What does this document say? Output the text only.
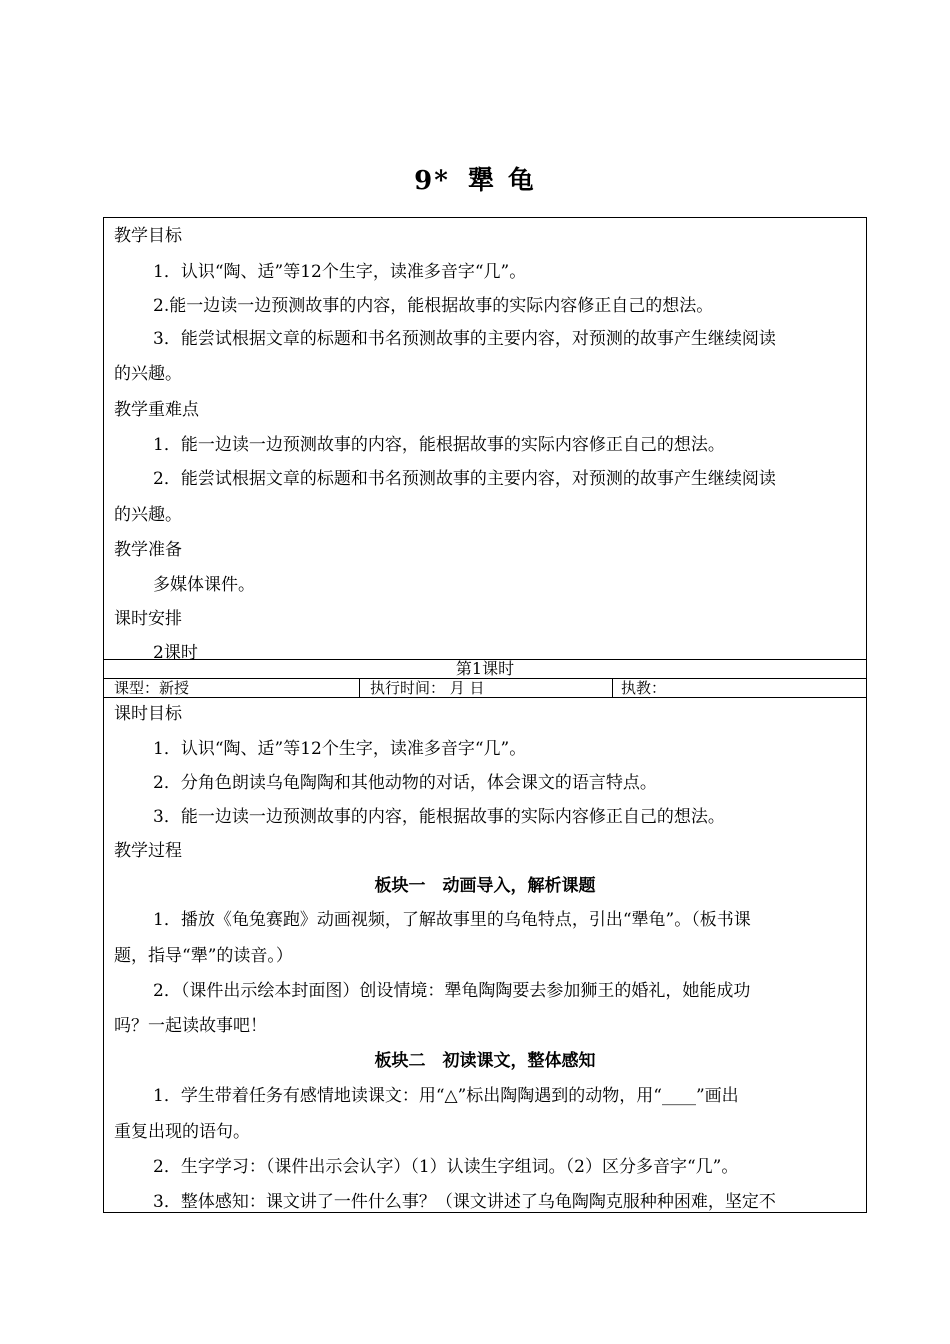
9* 犟 龟
教学目标
1．认识“陶、适”等12个生字，读准多音字“几”。
2.能一边读一边预测故事的内容，能根据故事的实际内容修正自己的想法。
3．能尝试根据文章的标题和书名预测故事的主要内容，对预测的故事产生继续阅读
的兴趣。
教学重难点
1．能一边读一边预测故事的内容，能根据故事的实际内容修正自己的想法。
2．能尝试根据文章的标题和书名预测故事的主要内容，对预测的故事产生继续阅读
的兴趣。
教学准备
多媒体课件。
课时安排
2课时
第1课时
课型：新授	执行时间： 月 日	执教：
课时目标
1．认识“陶、适”等12个生字，读准多音字“几”。
2．分角色朗读乌龟陶陶和其他动物的对话，体会课文的语言特点。
3．能一边读一边预测故事的内容，能根据故事的实际内容修正自己的想法。
教学过程
板块一　动画导入，解析课题
1．播放《龟兔赛跑》动画视频，了解故事里的乌龟特点，引出“犟龟”。（板书课
题，指导“犟”的读音。）
2．（课件出示绘本封面图）创设情境：犟龟陶陶要去参加狮王的婚礼，她能成功
吗？一起读故事吧！
板块二　初读课文，整体感知
1．学生带着任务有感情地读课文：用“△”标出陶陶遇到的动物，用“____”画出
重复出现的语句。
2．生字学习：（课件出示会认字）（1）认读生字组词。（2）区分多音字“几”。
3．整体感知：课文讲了一件什么事？（课文讲述了乌龟陶陶克服种种困难，坚定不
